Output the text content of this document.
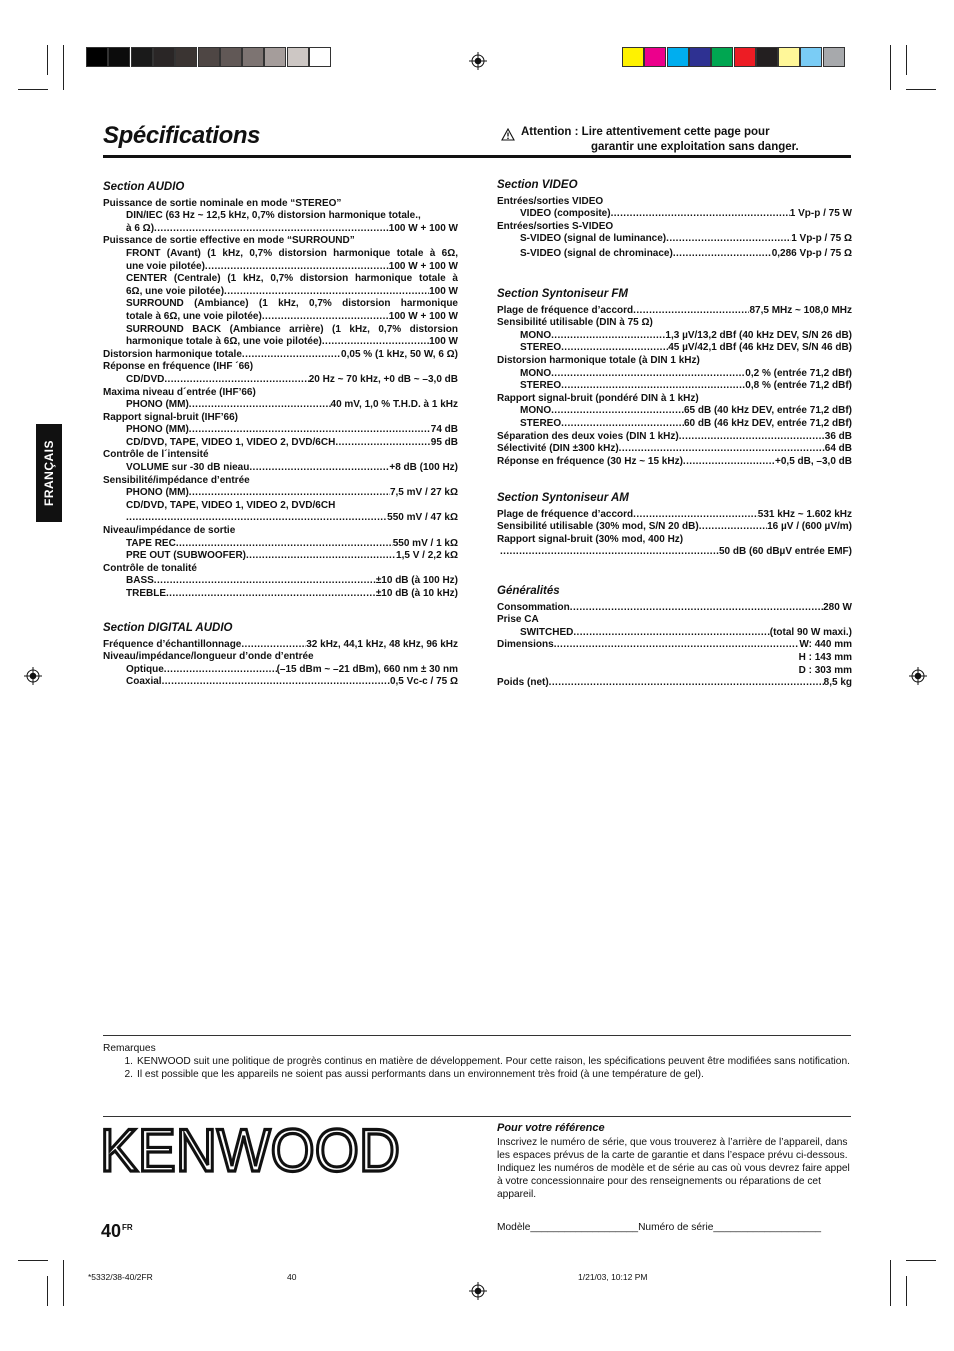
Spécifications	Attention : Lire attentivement cette page pour
garantir une exploitation sans danger.
FRANÇAIS
Section AUDIO
Puissance de sortie nominale en mode “STEREO”
DIN/IEC (63 Hz ~ 12,5 kHz, 0,7% distorsion harmonique totale.,
à 6 Ω) .....	100 W + 100 W
Puissance de sortie effective en mode “SURROUND”
FRONT (Avant) (1 kHz, 0,7% distorsion harmonique totale à 6Ω,
une voie pilotée) .....	100 W + 100 W
CENTER (Centrale) (1 kHz, 0,7% distorsion harmonique totale à
6Ω, une voie pilotée) .....	100 W
SURROUND (Ambiance) (1 kHz, 0,7% distorsion harmonique
totale à 6Ω, une voie pilotée) .....	100 W + 100 W
SURROUND BACK (Ambiance arrière) (1 kHz, 0,7% distorsion
harmonique totale à 6Ω, une voie pilotée) .....	100 W
Distorsion harmonique totale .....	0,05 % (1 kHz, 50 W, 6 Ω)
Réponse en fréquence (IHF ´66)
CD/DVD .....	20 Hz ~ 70 kHz, +0 dB ~ –3,0 dB
Maxima niveau d´entrée (IHF’66)
PHONO (MM) .....	40 mV, 1,0 % T.H.D. à 1 kHz
Rapport signal-bruit (IHF’66)
PHONO (MM) .....	74 dB
CD/DVD, TAPE, VIDEO 1, VIDEO 2, DVD/6CH .....	95 dB
Contrôle de l´intensité
VOLUME sur -30 dB nieau .....	+8 dB (100 Hz)
Sensibilité/impédance d’entrée
PHONO (MM) .....	7,5 mV / 27 kΩ
CD/DVD, TAPE, VIDEO 1, VIDEO 2, DVD/6CH
.....
550 mV / 47 kΩ
Niveau/impédance de sortie
TAPE REC .....	550 mV / 1 kΩ
PRE OUT (SUBWOOFER) .....	1,5 V / 2,2 kΩ
Contrôle de tonalité
BASS .....	±10 dB (à 100 Hz)
TREBLE .....	±10 dB (à 10 kHz)
Section DIGITAL AUDIO
Fréquence d’échantillonnage .....	32 kHz, 44,1 kHz, 48 kHz, 96 kHz
Niveau/impédance/longueur d’onde d’entrée
Optique .....	(–15 dBm ~ –21 dBm), 660 nm ± 30 nm
Coaxial .....	0,5 Vc-c / 75 Ω
Section VIDEO
Entrées/sorties VIDEO
VIDEO (composite) .....	1 Vp-p / 75 W
Entrées/sorties S-VIDEO
S-VIDEO (signal de luminance) .....	1 Vp-p / 75 Ω
S-VIDEO (signal de chrominace) .....	0,286 Vp-p / 75 Ω
Section Syntoniseur FM
Plage de fréquence d’accord .....	87,5 MHz ~ 108,0 MHz
Sensibilité utilisable (DIN à 75 Ω)
MONO .....	1,3 µV/13,2 dBf (40 kHz DEV, S/N 26 dB)
STEREO .....	45 µV/42,1 dBf (46 kHz DEV, S/N 46 dB)
Distorsion harmonique totale (à DIN 1 kHz)
MONO .....	0,2 % (entrée 71,2 dBf)
STEREO .....	0,8 % (entrée 71,2 dBf)
Rapport signal-bruit (pondéré DIN à 1 kHz)
MONO .....	65 dB (40 kHz DEV, entrée 71,2 dBf)
STEREO .....	60 dB (46 kHz DEV, entrée 71,2 dBf)
Séparation des deux voies (DIN 1 kHz) .....	36 dB
Sélectivité (DIN ±300 kHz) .....	64 dB
Réponse en fréquence (30 Hz ~ 15 kHz) .....	+0,5 dB, –3,0 dB
Section Syntoniseur AM
Plage de fréquence d’accord .....	531 kHz ~ 1.602 kHz
Sensibilité utilisable (30% mod, S/N 20 dB) .....	16 µV / (600 µV/m)
Rapport signal-bruit (30% mod, 400 Hz)
.....
50 dB (60 dBµV entrée EMF)
Généralités
Consommation .....	280 W
Prise CA
SWITCHED .....	(total 90 W maxi.)
Dimensions .....	W: 440 mm
H : 143 mm
D : 303 mm
Poids (net) .....	8,5 kg
Remarques
1. KENWOOD suit une politique de progrès continus en matière de développement. Pour cette raison, les spécifications peuvent être modifiées sans notification.
2. Il est possible que les appareils ne soient pas aussi performants dans un environnement très froid (à une température de gel).
KENWOOD	Pour votre référence
Inscrivez le numéro de série, que vous trouverez à l’arrière de l’appareil, dans les espaces prévus de la carte de garantie et dans l’espace prévu ci-dessous. Indiquez les numéros de modèle et de série au cas où vous devrez faire appel à votre concessionnaire pour des renseignements ou réparations de cet appareil.
Modèle___________________Numéro de série___________________
$40^{FR}$
*5332/38-40/2FR	40	1/21/03, 10:12 PM
